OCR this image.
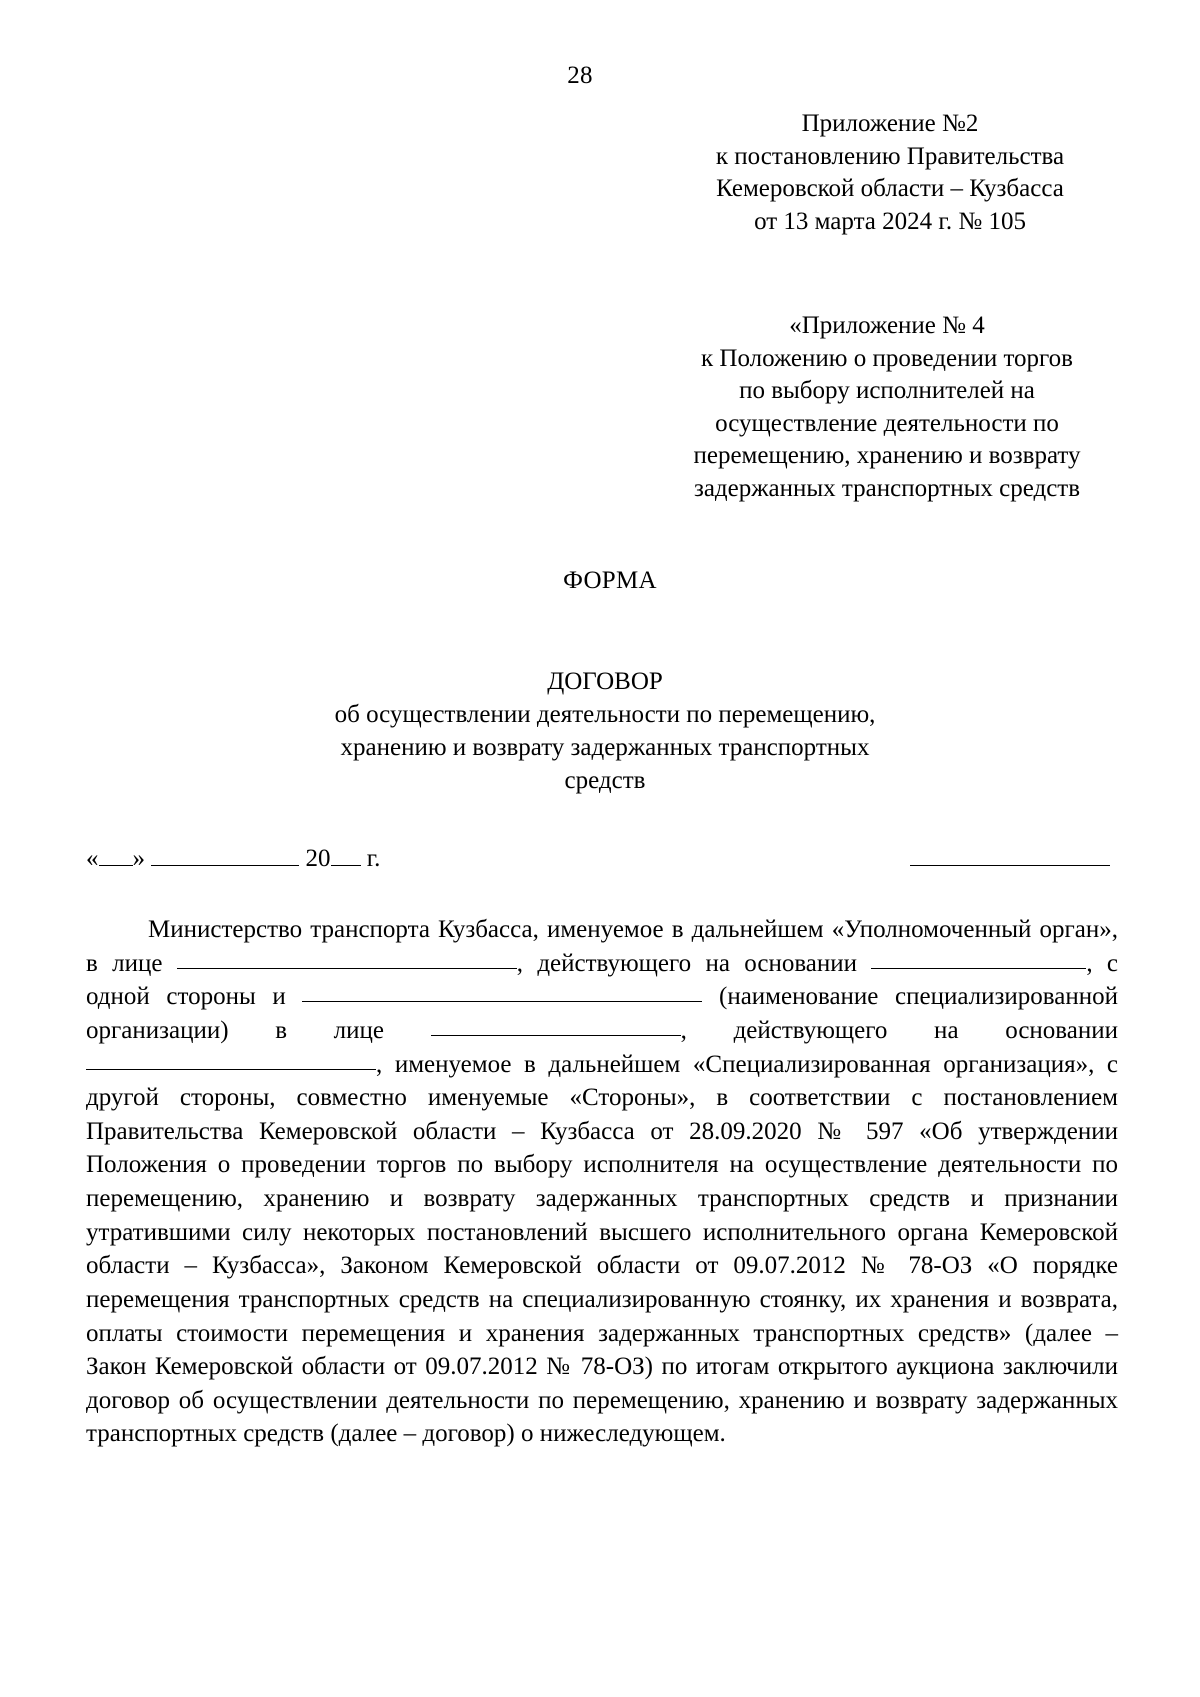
28
Приложение №2
к постановлению Правительства
Кемеровской области – Кузбасса
от 13 марта 2024 г. № 105
«Приложение № 4
к Положению о проведении торгов
по выбору исполнителей на
осуществление деятельности по
перемещению, хранению и возврату
задержанных транспортных средств
ФОРМА
ДОГОВОР
об осуществлении деятельности по перемещению,
хранению и возврату задержанных транспортных
средств
« »	20 г.

Министерство транспорта Кузбасса, именуемое в дальнейшем «Уполномоченный орган», в лице	, действующего на основании	, с одной стороны и	(наименование специализированной организации) в лице	, действующего на основании , именуемое в дальнейшем «Специализированная организация», с другой стороны, совместно именуемые «Стороны», в соответствии с постановлением Правительства Кемеровской области – Кузбасса от 28.09.2020 № 597 «Об утверждении Положения о проведении торгов по выбору исполнителя на осуществление деятельности по перемещению, хранению и возврату задержанных транспортных средств и признании утратившими силу некоторых постановлений высшего исполнительного органа Кемеровской области – Кузбасса», Законом Кемеровской области от 09.07.2012 № 78-ОЗ «О порядке перемещения транспортных средств на специализированную стоянку, их хранения и возврата, оплаты стоимости перемещения и хранения задержанных транспортных средств» (далее – Закон Кемеровской области от 09.07.2012 № 78-ОЗ) по итогам открытого аукциона заключили договор об осуществлении деятельности по перемещению, хранению и возврату задержанных транспортных средств (далее – договор) о нижеследующем.
